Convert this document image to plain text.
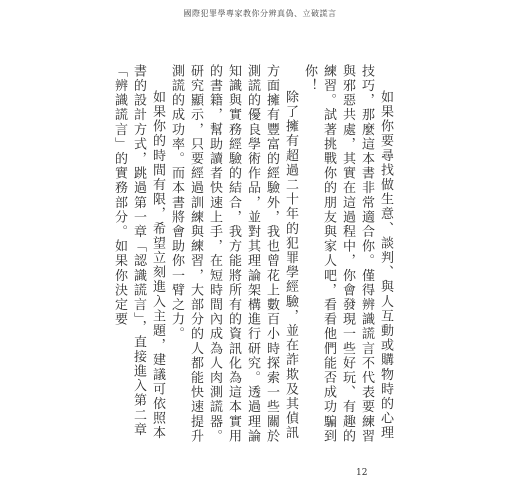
國際犯罪學專家教你分辨真偽、立破謊言

如果你要尋找做生意、談判、與人互動或購物時的心理技巧，那麼這本書非常適合你。僅得辨識謊言不代表要練習與邪惡共處，其實在這過程中，你會發現一些好玩、有趣的練習。試著挑戰你的朋友與家人吧，看看他們能否成功騙到你！

除了擁有超過二十年的犯罪學經驗，並在詐欺及其偵訊方面擁有豐富的經驗外，我也曾花上數百小時探索一些關於測謊的優良學術作品，並對其理論架構進行研究。透過理論知識與實務經驗的結合，我方能將所有的資訊化為這本實用的書籍，幫助讀者快速上手，在短時間內成為人肉測謊器。研究顯示，只要經過訓練與練習，大部分的人都能快速提升測謊的成功率。而本書將會助你一臂之力。

如果你的時間有限，希望立刻進入主題，建議可依照本書的設計方式，跳過第一章「認識謊言」，直接進入第二章「辨識謊言」的實務部分。如果你決定要

12
